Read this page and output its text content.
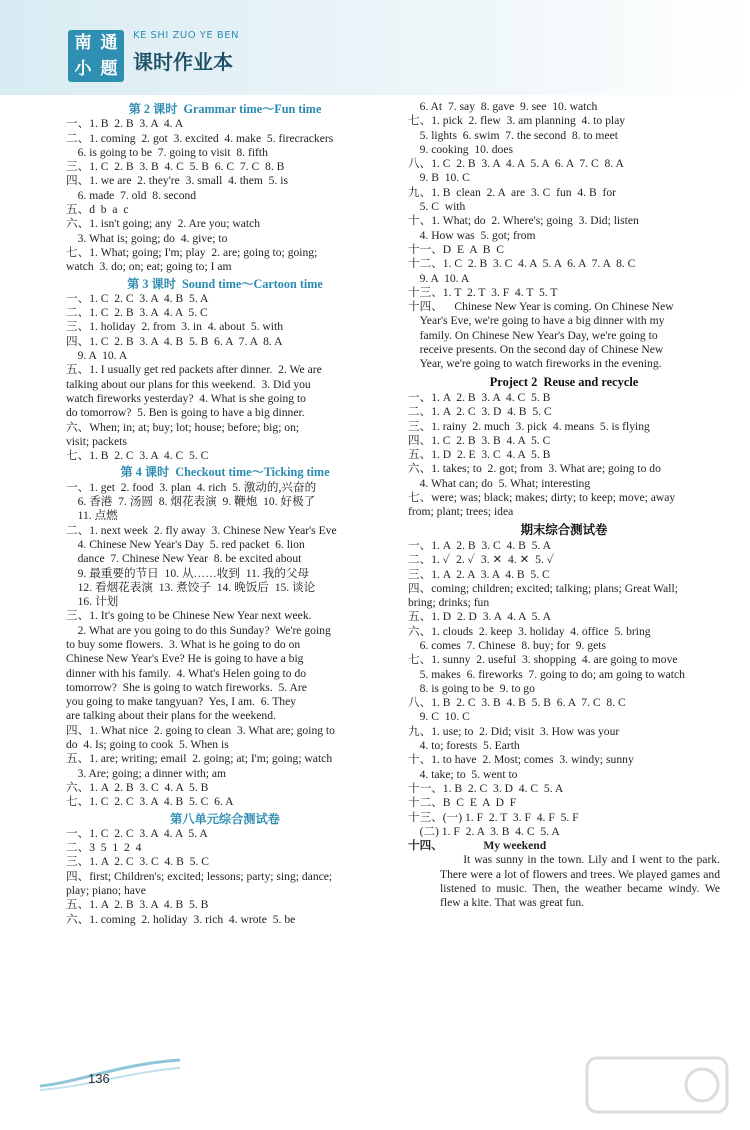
南 通
小 题
KE SHI ZUO YE BEN
课时作业本
第 2 课时  Grammar time～Fun time
一、1. B  2. B  3. A  4. A
二、1. coming  2. got  3. excited  4. make  5. firecrackers
6. is going to be  7. going to visit  8. fifth
三、1. C  2. B  3. B  4. C  5. B  6. C  7. C  8. B
四、1. we are  2. they're  3. small  4. them  5. is
6. made  7. old  8. second
五、d  b  a  c
六、1. isn't going; any  2. Are you; watch
3. What is; going; do  4. give; to
七、1. What; going; I'm; play  2. are; going to; going;
watch  3. do; on; eat; going to; I am
第 3 课时  Sound time～Cartoon time
一、1. C  2. C  3. A  4. B  5. A
二、1. C  2. B  3. A  4. A  5. C
三、1. holiday  2. from  3. in  4. about  5. with
四、1. C  2. B  3. A  4. B  5. B  6. A  7. A  8. A
9. A  10. A
五、1. I usually get red packets after dinner.  2. We are
talking about our plans for this weekend.  3. Did you
watch fireworks yesterday?  4. What is she going to
do tomorrow?  5. Ben is going to have a big dinner.
六、When; in; at; buy; lot; house; before; big; on;
visit; packets
七、1. B  2. C  3. A  4. C  5. C
第 4 课时  Checkout time～Ticking time
一、1. get  2. food  3. plan  4. rich  5. 激动的,兴奋的
6. 香港  7. 汤圆  8. 烟花表演  9. 鞭炮  10. 好极了
11. 点燃
二、1. next week  2. fly away  3. Chinese New Year's Eve
4. Chinese New Year's Day  5. red packet  6. lion
dance  7. Chinese New Year  8. be excited about
9. 最重要的节日  10. 从……收到  11. 我的父母
12. 看烟花表演  13. 煮饺子  14. 晚饭后  15. 谈论
16. 计划
三、1. It's going to be Chinese New Year next week.
2. What are you going to do this Sunday?  We're going
to buy some flowers.  3. What is he going to do on
Chinese New Year's Eve? He is going to have a big
dinner with his family.  4. What's Helen going to do
tomorrow?  She is going to watch fireworks.  5. Are
you going to make tangyuan?  Yes, I am.  6. They
are talking about their plans for the weekend.
四、1. What nice  2. going to clean  3. What are; going to
do  4. Is; going to cook  5. When is
五、1. are; writing; email  2. going; at; I'm; going; watch
3. Are; going; a dinner with; am
六、1. A  2. B  3. C  4. A  5. B
七、1. C  2. C  3. A  4. B  5. C  6. A
第八单元综合测试卷
一、1. C  2. C  3. A  4. A  5. A
二、3  5  1  2  4
三、1. A  2. C  3. C  4. B  5. C
四、first; Children's; excited; lessons; party; sing; dance;
play; piano; have
五、1. A  2. B  3. A  4. B  5. B
六、1. coming  2. holiday  3. rich  4. wrote  5. be
6. At  7. say  8. gave  9. see  10. watch
七、1. pick  2. flew  3. am planning  4. to play
5. lights  6. swim  7. the second  8. to meet
9. cooking  10. does
八、1. C  2. B  3. A  4. A  5. A  6. A  7. C  8. A
9. B  10. C
九、1. B  clean  2. A  are  3. C  fun  4. B  for
5. C  with
十、1. What; do  2. Where's; going  3. Did; listen
4. How was  5. got; from
十一、D  E  A  B  C
十二、1. C  2. B  3. C  4. A  5. A  6. A  7. A  8. C
9. A  10. A
十三、1. T  2. T  3. F  4. T  5. T
十四、    Chinese New Year is coming. On Chinese New
Year's Eve, we're going to have a big dinner with my
family. On Chinese New Year's Day, we're going to
receive presents. On the second day of Chinese New
Year, we're going to watch fireworks in the evening.
Project 2  Reuse and recycle
一、1. A  2. B  3. A  4. C  5. B
二、1. A  2. C  3. D  4. B  5. C
三、1. rainy  2. much  3. pick  4. means  5. is flying
四、1. C  2. B  3. B  4. A  5. C
五、1. D  2. E  3. C  4. A  5. B
六、1. takes; to  2. got; from  3. What are; going to do
4. What can; do  5. What; interesting
七、were; was; black; makes; dirty; to keep; move; away
from; plant; trees; idea
期末综合测试卷
一、1. A  2. B  3. C  4. B  5. A
二、1. ✓  2. ✓  3. ✕  4. ✕  5. ✓
三、1. A  2. A  3. A  4. B  5. C
四、coming; children; excited; talking; plans; Great Wall;
bring; drinks; fun
五、1. D  2. D  3. A  4. A  5. A
六、1. clouds  2. keep  3. holiday  4. office  5. bring
6. comes  7. Chinese  8. buy; for  9. gets
七、1. sunny  2. useful  3. shopping  4. are going to move
5. makes  6. fireworks  7. going to do; am going to watch
8. is going to be  9. to go
八、1. B  2. C  3. B  4. B  5. B  6. A  7. C  8. C
9. C  10. C
九、1. use; to  2. Did; visit  3. How was your
4. to; forests  5. Earth
十、1. to have  2. Most; comes  3. windy; sunny
4. take; to  5. went to
十一、1. B  2. C  3. D  4. C  5. A
十二、B  C  E  A  D  F
十三、(一) 1. F  2. T  3. F  4. F  5. F
(二) 1. F  2. A  3. B  4. C  5. A
十四、              My weekend
It was sunny in the town. Lily and I went to the park. There were a lot of flowers and trees. We played games and listened to music. Then, the weather became windy. We flew a kite. That was great fun.
136
